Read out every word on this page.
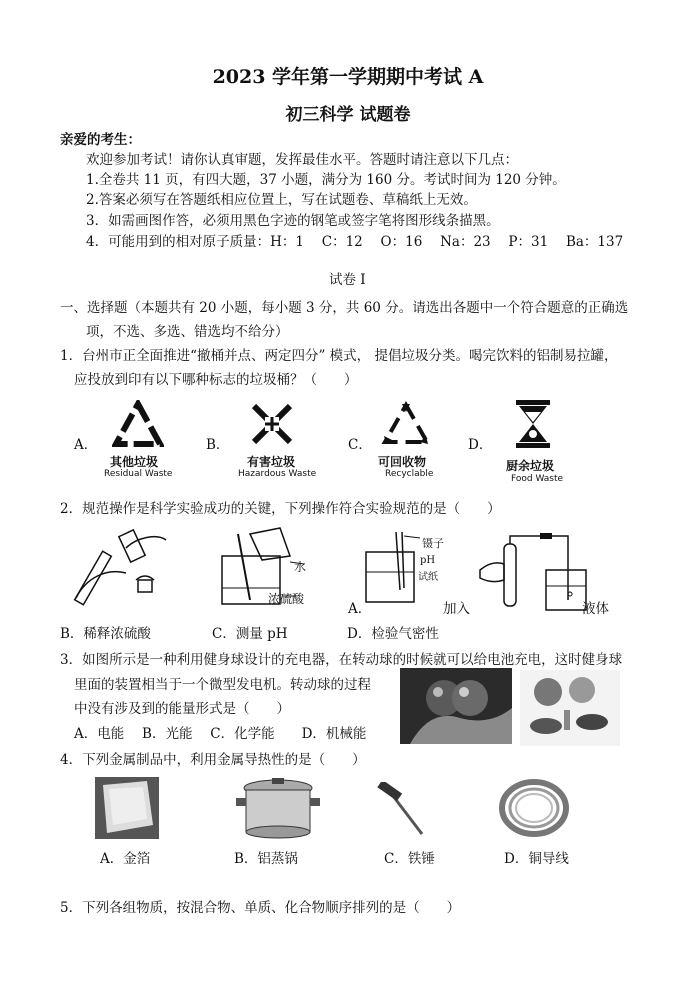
2023 学年第一学期期中考试 A
初三科学 试题卷
亲爱的考生：
欢迎参加考试！请你认真审题，发挥最佳水平。答题时请注意以下几点：
1.全卷共 11 页，有四大题，37 小题，满分为 160 分。考试时间为 120 分钟。
2.答案必须写在答题纸相应位置上，写在试题卷、草稿纸上无效。
3．如需画图作答，必须用黑色字迹的钢笔或签字笔将图形线条描黑。
4．可能用到的相对原子质量：H：1　 C：12　 O：16　 Na：23　 P：31　 Ba：137
试卷 I
一、选择题（本题共有 20 小题，每小题 3 分，共 60 分。请选出各题中一个符合题意的正确选
项，不选、多选、错选均不给分）
1．台州市正全面推进“撤桶并点、两定四分” 模式， 提倡垃圾分类。喝完饮料的铝制易拉罐，
应投放到印有以下哪种标志的垃圾桶？（　　）
A．
其他垃圾
Residual Waste
B．
有害垃圾
Hazardous Waste
C．
可回收物
Recyclable
D．
厨余垃圾
Food Waste
2．规范操作是科学实验成功的关键，下列操作符合实验规范的是（　　）
水
浓硫酸
镊子
pH
试纸
A．	加入	液体
B．稀释浓硫酸	C．测量 pH	D．检验气密性
3．如图所示是一种利用健身球设计的充电器，在转动球的时候就可以给电池充电，这时健身球
里面的装置相当于一个微型发电机。转动球的过程
中没有涉及到的能量形式是（　　）
A．电能　 B．光能　 C．化学能　　D．机械能
4．下列金属制品中，利用金属导热性的是（　　）
A．金箔	B．铝蒸锅	C．铁锤	D．铜导线
5．下列各组物质，按混合物、单质、化合物顺序排列的是（　　）
